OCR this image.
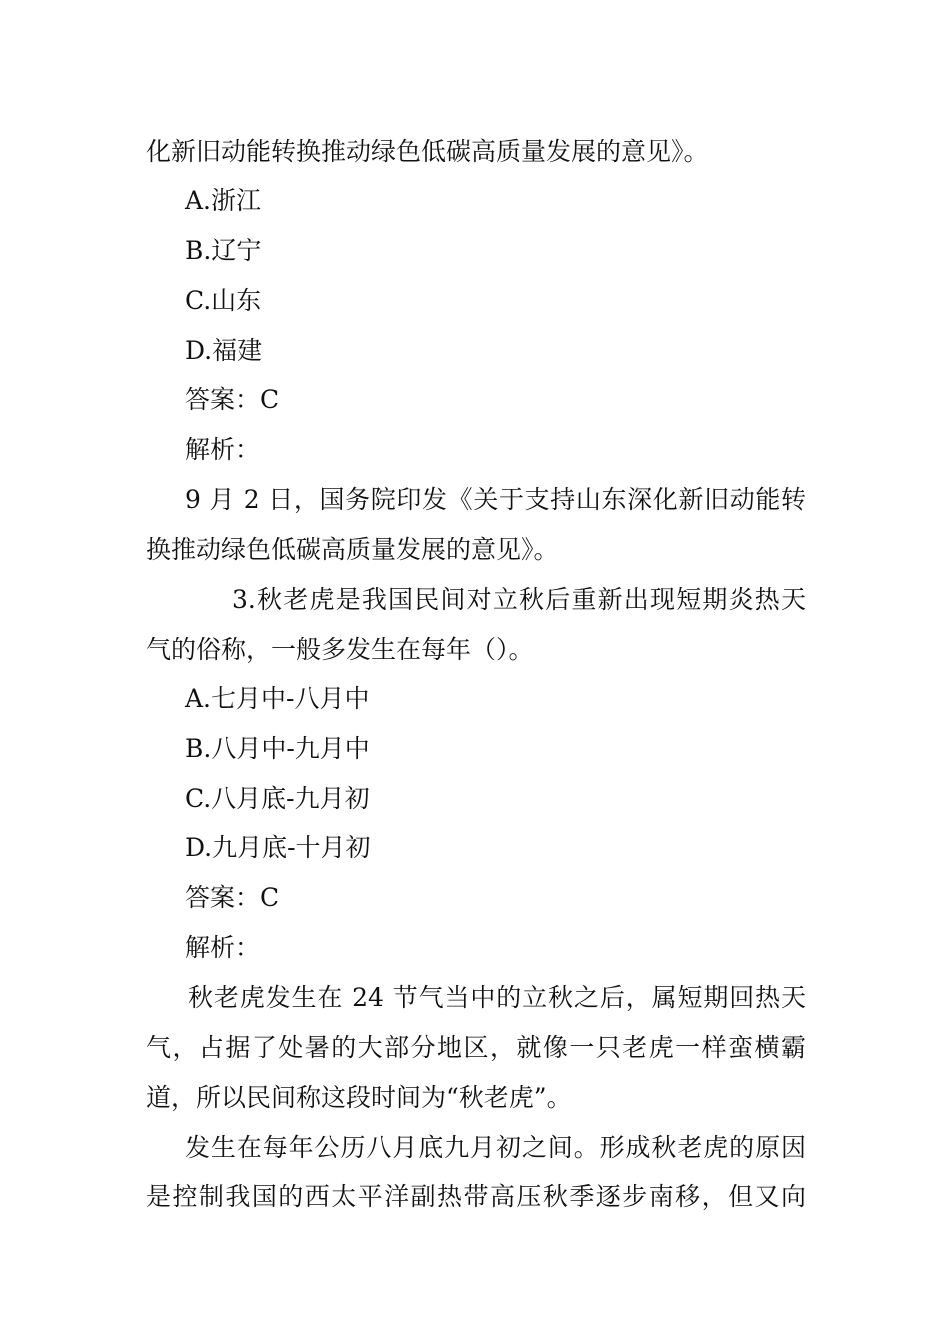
化新旧动能转换推动绿色低碳高质量发展的意见》。
A.浙江
B.辽宁
C.山东
D.福建
答案：C
解析：
9 月 2 日，国务院印发《关于支持山东深化新旧动能转
换推动绿色低碳高质量发展的意见》。
3.秋老虎是我国民间对立秋后重新出现短期炎热天
气的俗称，一般多发生在每年（）。
A.七月中-八月中
B.八月中-九月中
C.八月底-九月初
D.九月底-十月初
答案：C
解析：
秋老虎发生在 24 节气当中的立秋之后，属短期回热天
气，占据了处暑的大部分地区，就像一只老虎一样蛮横霸
道，所以民间称这段时间为“秋老虎”。
发生在每年公历八月底九月初之间。形成秋老虎的原因
是控制我国的西太平洋副热带高压秋季逐步南移，但又向
